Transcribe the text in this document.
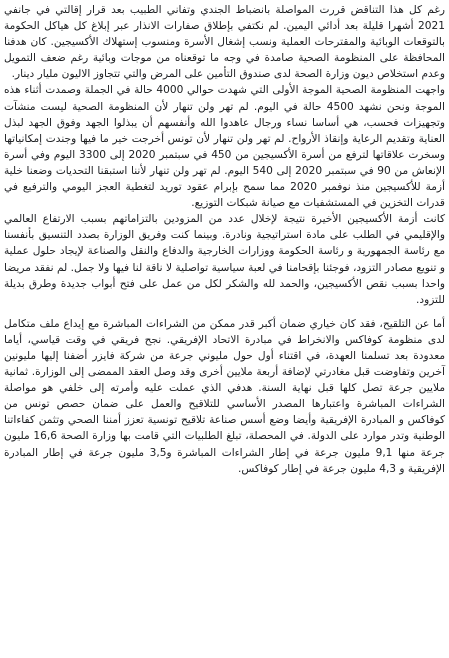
رغم كل هذا التناقض قررت المواصلة بانضباط الجندي وتفاني الطبيب بعد قرار إقالتي في جانفي 2021 أشهرا قليلة بعد أدائي اليمين. لم نكتفي بإطلاق صفارات الانذار عبر إبلاغ كل هياكل الحكومة بالتوقعات الوبائية والمقترحات العملية ونسب إشغال الأسرة ومنسوب إستهلاك الأكسيجين. كان هدفنا المحافظة على المنظومة الصحية صامدة في وجه ما توقعناه من موجات وبائية رغم ضعف التمويل وعدم استخلاص ديون وزارة الصحة لدى صندوق التأمين على المرض والتي تتجاوز الاليون مليار دينار.

واجهت المنظومة الصحية الموجة الأولى التي شهدت حوالي 4000 حالة في الجملة وصمدت أثناء هذه الموجة ونحن نشهد 4500 حالة في اليوم. لم تهر ولن تنهار لأن المنظومة الصحية ليست منشآت وتجهيزات فحسب، هي أساسا نساء ورجال عاهدوا الله وأنفسهم أن يبذلوا الجهد وفوق الجهد لبذل العناية وتقديم الرعاية وإنقاذ الأرواح. لم تهر ولن تنهار لأن تونس أخرجت خير ما فيها وجندت إمكانياتها وسخرت علاقاتها لترفع من أسرة الأكسيجين من 450 في سبتمبر 2020 إلى 3300 اليوم وفي أسرة الإنعاش من 90 في سبتمبر 2020 إلى 540 اليوم. لم تهر ولن تنهار لأننا استبقنا التحديات وضعنا خلية أزمة للأكسيجين منذ نوفمبر 2020 مما سمح بإبرام عقود توريد لتغطية العجز اليومي والترفيع في قدرات التخزين في المستشفيات مع صيانة شبكات التوزيع.

كانت أزمة الأكسيجين الأخيرة نتيجة لإخلال عدد من المزودين بالتزاماتهم بسبب الارتفاع العالمي والإقليمي في الطلب على مادة استراتيجية ونادرة. وبينما كنت وفريق الوزارة بصدد التنسيق بأنفسنا مع رئاسة الجمهورية و رئاسة الحكومة ووزارات الخارجية والدفاع والنقل والصناعة لإيجاد حلول عملية و تنويع مصادر التزود، فوجئنا بإقحامنا في لعبة سياسية تواصلية لا ناقة لنا فيها ولا جمل. لم نفقد مريضا واحدا بسبب نقص الأكسيجين، والحمد لله والشكر لكل من عمل على فتح أبواب جديدة وطرق بديلة للتزود.

أما عن التلقيح، فقد كان خياري ضمان أكبر قدر ممكن من الشراءات المباشرة مع إيداع ملف متكامل لدى منظومة كوفاكس والانخراط في مبادرة الاتحاد الإفريقي. نجح فريقي في وقت قياسي، أياما معدودة بعد تسلمنا العهدة، في اقتناء أول حول مليوني جرعة من شركة فايزر أضفنا إليها مليونين آخرين وتفاوضت قبل مغادرتي لإضافة أربعة ملايين أخرى وقد وصل العقد الممضى إلى الوزارة. ثمانية ملايين جرعة تصل كلها قبل نهاية السنة. هدفي الذي عملت عليه وأمرته إلى خلفي هو مواصلة الشراءات المباشرة واعتبارها المصدر الأساسي للتلاقيح والعمل على ضمان حصص تونس من كوفاكس و المبادرة الإفريقية وأيضا وضع أسس صناعة تلاقيح تونسية تعزز أمننا الصحي وتثمن كفاءاتنا الوطنية وتدر موارد على الدولة. في المحصلة، تبلغ الطلبيات التي قامت بها وزارة الصحة 16,6 مليون جرعة منها 9,1 مليون جرعة في إطار الشراءات المباشرة و3,5 مليون جرعة في إطار المبادرة الإفريقية و 4,3 مليون جرعة في إطار كوفاكس.
